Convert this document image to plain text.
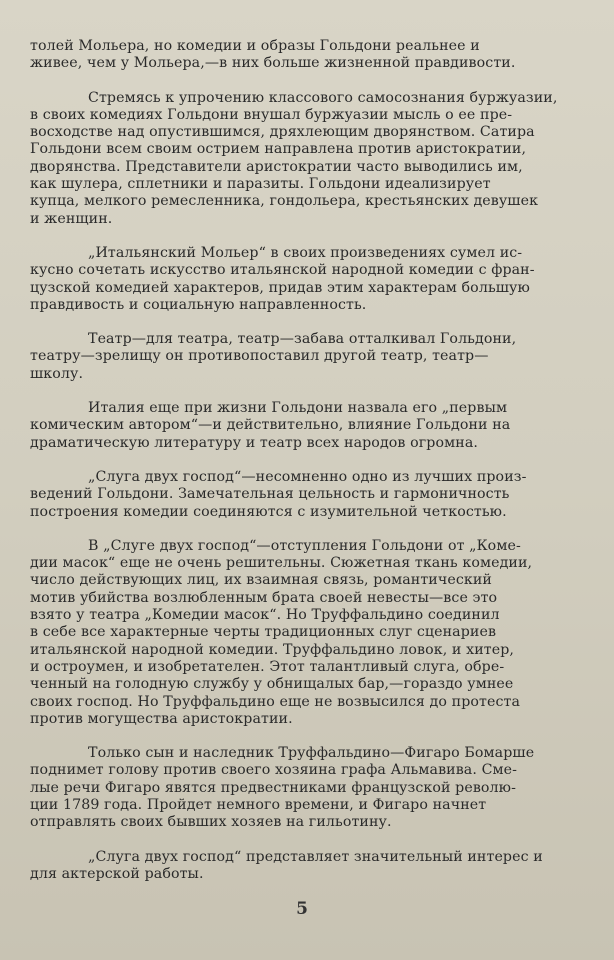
толей Мольера, но комедии и образы Гольдони реальнее и
живее, чем у Мольера,—в них больше жизненной правдивости.

Стремясь к упрочению классового самосознания буржуазии,
в своих комедиях Гольдони внушал буржуазии мысль о ее пре-
восходстве над опустившимся, дряхлеющим дворянством. Сатира
Гольдони всем своим острием направлена против аристократии,
дворянства. Представители аристократии часто выводились им,
как шулера, сплетники и паразиты. Гольдони идеализирует
купца, мелкого ремесленника, гондольера, крестьянских девушек
и женщин.

„Итальянский Мольер“ в своих произведениях сумел ис-
кусно сочетать искусство итальянской народной комедии с фран-
цузской комедией характеров, придав этим характерам большую
правдивость и социальную направленность.

Театр—для театра, театр—забава отталкивал Гольдони,
театру—зрелищу он противопоставил другой театр, театр—
школу.

Италия еще при жизни Гольдони назвала его „первым
комическим автором“—и действительно, влияние Гольдони на
драматическую литературу и театр всех народов огромна.

„Слуга двух господ“—несомненно одно из лучших произ-
ведений Гольдони. Замечательная цельность и гармоничность
построения комедии соединяются с изумительной четкостью.

В „Слуге двух господ“—отступления Гольдони от „Коме-
дии масок“ еще не очень решительны. Сюжетная ткань комедии,
число действующих лиц, их взаимная связь, романтический
мотив убийства возлюбленным брата своей невесты—все это
взято у театра „Комедии масок“. Но Труффальдино соединил
в себе все характерные черты традиционных слуг сценариев
итальянской народной комедии. Труффальдино ловок, и хитер,
и остроумен, и изобретателен. Этот талантливый слуга, обре-
ченный на голодную службу у обнищалых бар,—гораздо умнее
своих господ. Но Труффальдино еще не возвысился до протеста
против могущества аристократии.

Только сын и наследник Труффальдино—Фигаро Бомарше
поднимет голову против своего хозяина графа Альмавива. Сме-
лые речи Фигаро явятся предвестниками французской револю-
ции 1789 года. Пройдет немного времени, и Фигаро начнет
отправлять своих бывших хозяев на гильотину.

„Слуга двух господ“ представляет значительный интерес и
для актерской работы.

5
